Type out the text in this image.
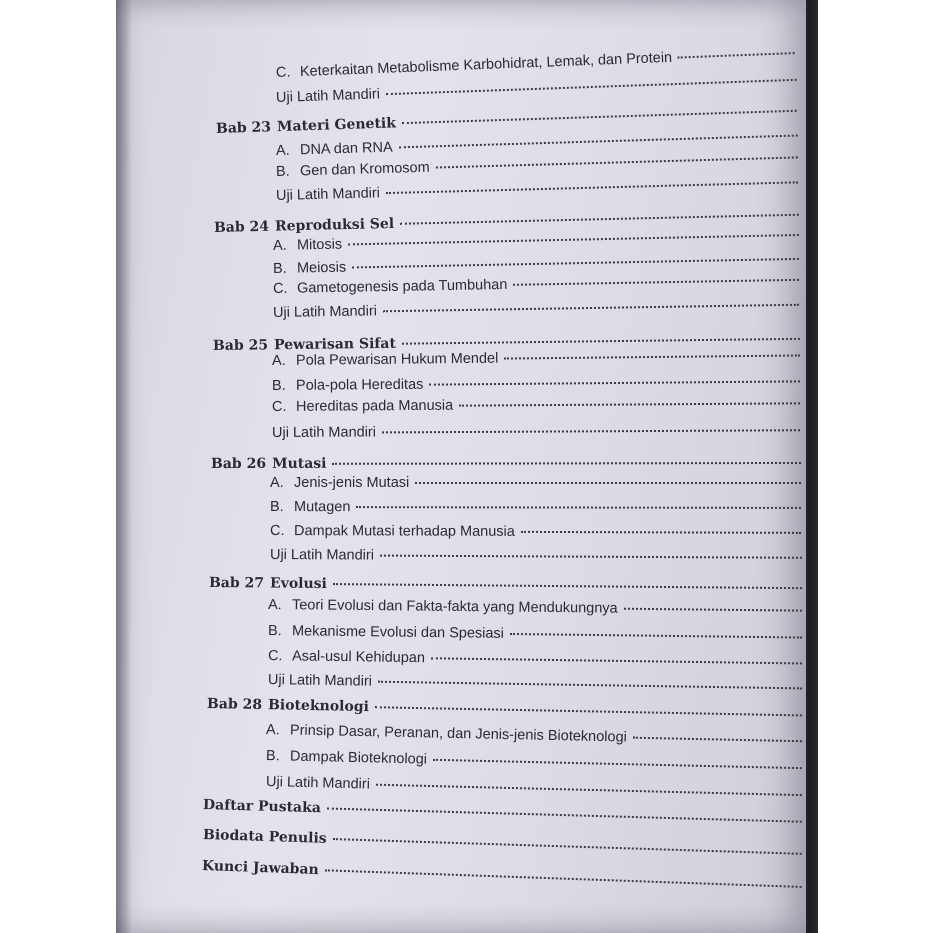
C. Keterkaitan Metabolisme Karbohidrat, Lemak, dan Protein
Uji Latih Mandiri
Bab 23 Materi Genetik
A. DNA dan RNA
B. Gen dan Kromosom
Uji Latih Mandiri
Bab 24 Reproduksi Sel
A. Mitosis
B. Meiosis
C. Gametogenesis pada Tumbuhan
Uji Latih Mandiri
Bab 25 Pewarisan Sifat
A. Pola Pewarisan Hukum Mendel
B. Pola-pola Hereditas
C. Hereditas pada Manusia
Uji Latih Mandiri
Bab 26 Mutasi
A. Jenis-jenis Mutasi
B. Mutagen
C. Dampak Mutasi terhadap Manusia
Uji Latih Mandiri
Bab 27 Evolusi
A. Teori Evolusi dan Fakta-fakta yang Mendukungnya
B. Mekanisme Evolusi dan Spesiasi
C. Asal-usul Kehidupan
Uji Latih Mandiri
Bab 28 Bioteknologi
A. Prinsip Dasar, Peranan, dan Jenis-jenis Bioteknologi
B. Dampak Bioteknologi
Uji Latih Mandiri
Daftar Pustaka
Biodata Penulis
Kunci Jawaban
